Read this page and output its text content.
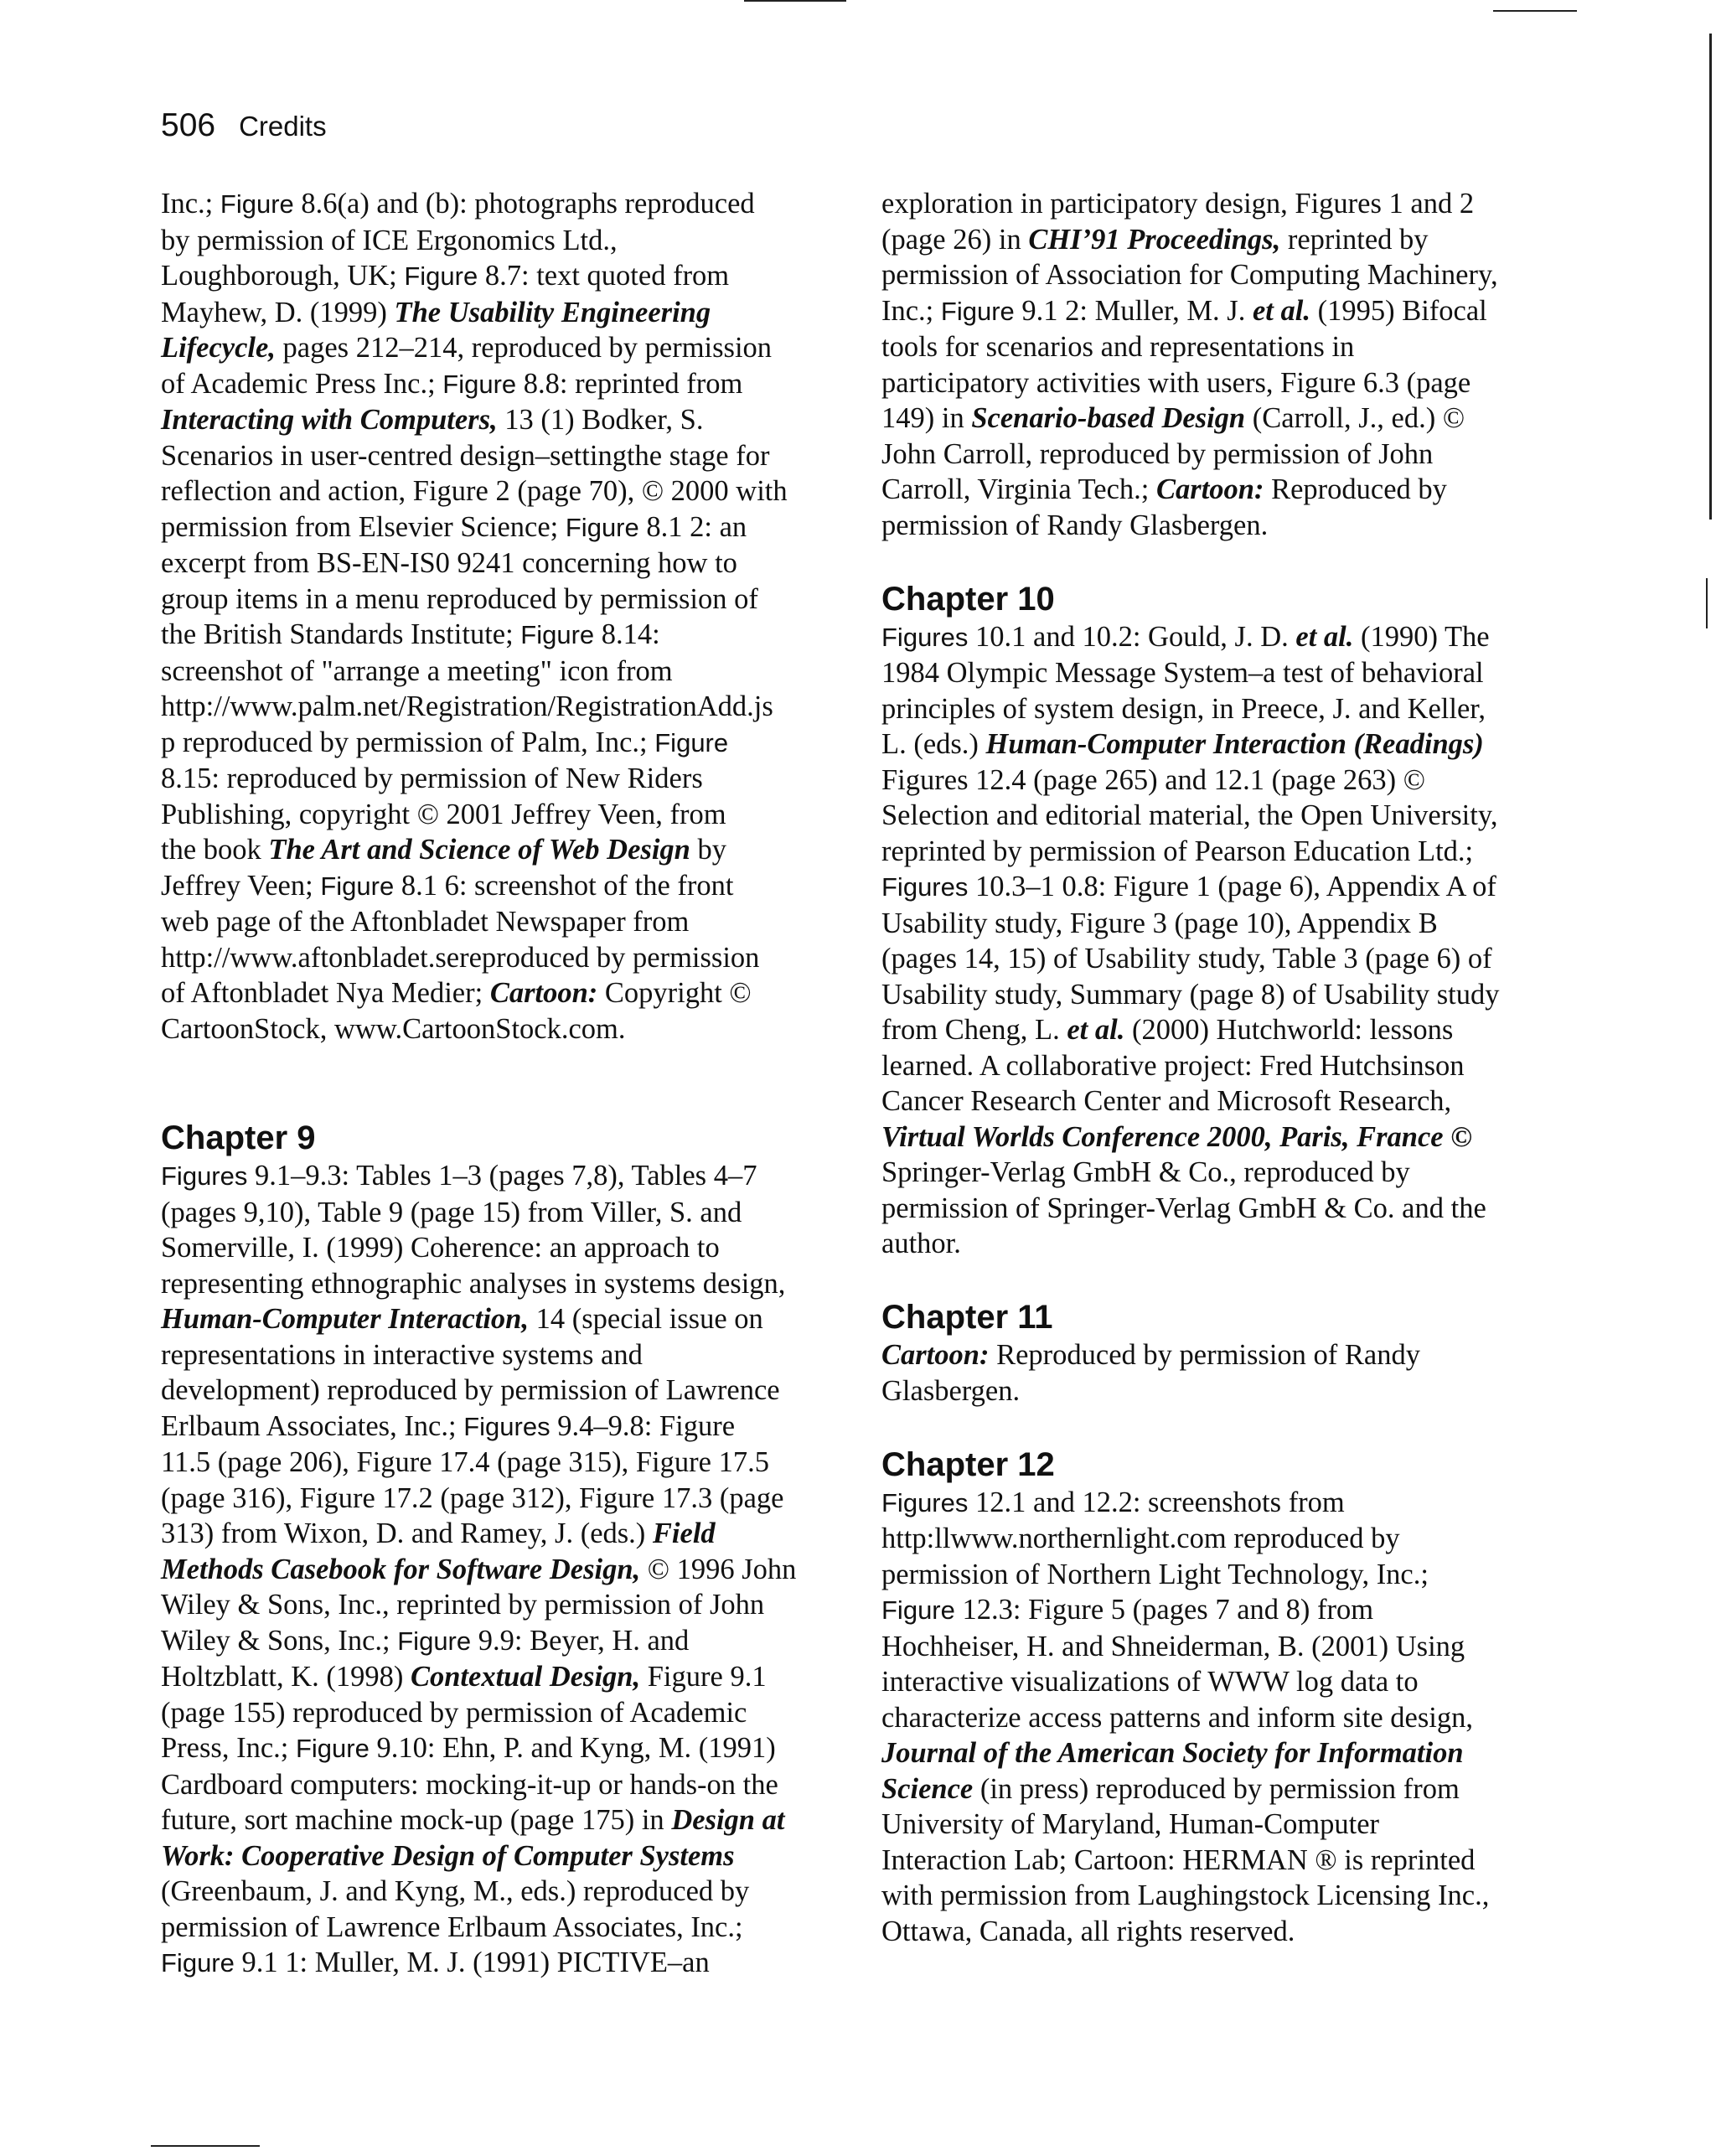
506 Credits

Inc.; Figure 8.6(a) and (b): photographs reproduced

by permission of ICE Ergonomics Ltd.,

Loughborough, UK; Figure 8.7: text quoted from

Mayhew, D. (1999) The Usability Engineering

Lifecycle, pages 212–214, reproduced by permission

of Academic Press Inc.; Figure 8.8: reprinted from

Interacting with Computers, 13 (1) Bodker, S.

Scenarios in user-centred design–settingthe stage for

reflection and action, Figure 2 (page 70), © 2000 with

permission from Elsevier Science; Figure 8.1 2: an

excerpt from BS-EN-IS0 9241 concerning how to

group items in a menu reproduced by permission of

the British Standards Institute; Figure 8.14:

screenshot of "arrange a meeting" icon from

http://www.palm.net/Registration/RegistrationAdd.js

p reproduced by permission of Palm, Inc.; Figure

8.15: reproduced by permission of New Riders

Publishing, copyright © 2001 Jeffrey Veen, from

the book The Art and Science of Web Design by

Jeffrey Veen; Figure 8.1 6: screenshot of the front

web page of the Aftonbladet Newspaper from

http://www.aftonbladet.sereproduced by permission

of Aftonbladet Nya Medier; Cartoon: Copyright ©

CartoonStock, www.CartoonStock.com.

Chapter 9

Figures 9.1–9.3: Tables 1–3 (pages 7,8), Tables 4–7

(pages 9,10), Table 9 (page 15) from Viller, S. and

Somerville, I. (1999) Coherence: an approach to

representing ethnographic analyses in systems design,

Human-Computer Interaction, 14 (special issue on

representations in interactive systems and

development) reproduced by permission of Lawrence

Erlbaum Associates, Inc.; Figures 9.4–9.8: Figure

11.5 (page 206), Figure 17.4 (page 315), Figure 17.5

(page 316), Figure 17.2 (page 312), Figure 17.3 (page

313) from Wixon, D. and Ramey, J. (eds.) Field

Methods Casebook for Software Design, © 1996 John

Wiley & Sons, Inc., reprinted by permission of John

Wiley & Sons, Inc.; Figure 9.9: Beyer, H. and

Holtzblatt, K. (1998) Contextual Design, Figure 9.1

(page 155) reproduced by permission of Academic

Press, Inc.; Figure 9.10: Ehn, P. and Kyng, M. (1991)

Cardboard computers: mocking-it-up or hands-on the

future, sort machine mock-up (page 175) in Design at

Work: Cooperative Design of Computer Systems

(Greenbaum, J. and Kyng, M., eds.) reproduced by

permission of Lawrence Erlbaum Associates, Inc.;

Figure 9.1 1: Muller, M. J. (1991) PICTIVE–an

exploration in participatory design, Figures 1 and 2

(page 26) in CHI’91 Proceedings, reprinted by

permission of Association for Computing Machinery,

Inc.; Figure 9.1 2: Muller, M. J. et al. (1995) Bifocal

tools for scenarios and representations in

participatory activities with users, Figure 6.3 (page

149) in Scenario-based Design (Carroll, J., ed.) ©

John Carroll, reproduced by permission of John

Carroll, Virginia Tech.; Cartoon: Reproduced by

permission of Randy Glasbergen.

Chapter 10

Figures 10.1 and 10.2: Gould, J. D. et al. (1990) The

1984 Olympic Message System–a test of behavioral

principles of system design, in Preece, J. and Keller,

L. (eds.) Human-Computer Interaction (Readings)

Figures 12.4 (page 265) and 12.1 (page 263) ©

Selection and editorial material, the Open University,

reprinted by permission of Pearson Education Ltd.;

Figures 10.3–1 0.8: Figure 1 (page 6), Appendix A of

Usability study, Figure 3 (page 10), Appendix B

(pages 14, 15) of Usability study, Table 3 (page 6) of

Usability study, Summary (page 8) of Usability study

from Cheng, L. et al. (2000) Hutchworld: lessons

learned. A collaborative project: Fred Hutchsinson

Cancer Research Center and Microsoft Research,

Virtual Worlds Conference 2000, Paris, France ©

Springer-Verlag GmbH & Co., reproduced by

permission of Springer-Verlag GmbH & Co. and the

author.

Chapter 11

Cartoon: Reproduced by permission of Randy

Glasbergen.

Chapter 12

Figures 12.1 and 12.2: screenshots from

http:llwww.northernlight.com reproduced by

permission of Northern Light Technology, Inc.;

Figure 12.3: Figure 5 (pages 7 and 8) from

Hochheiser, H. and Shneiderman, B. (2001) Using

interactive visualizations of WWW log data to

characterize access patterns and inform site design,

Journal of the American Society for Information

Science (in press) reproduced by permission from

University of Maryland, Human-Computer

Interaction Lab; Cartoon: HERMAN ® is reprinted

with permission from Laughingstock Licensing Inc.,

Ottawa, Canada, all rights reserved.
